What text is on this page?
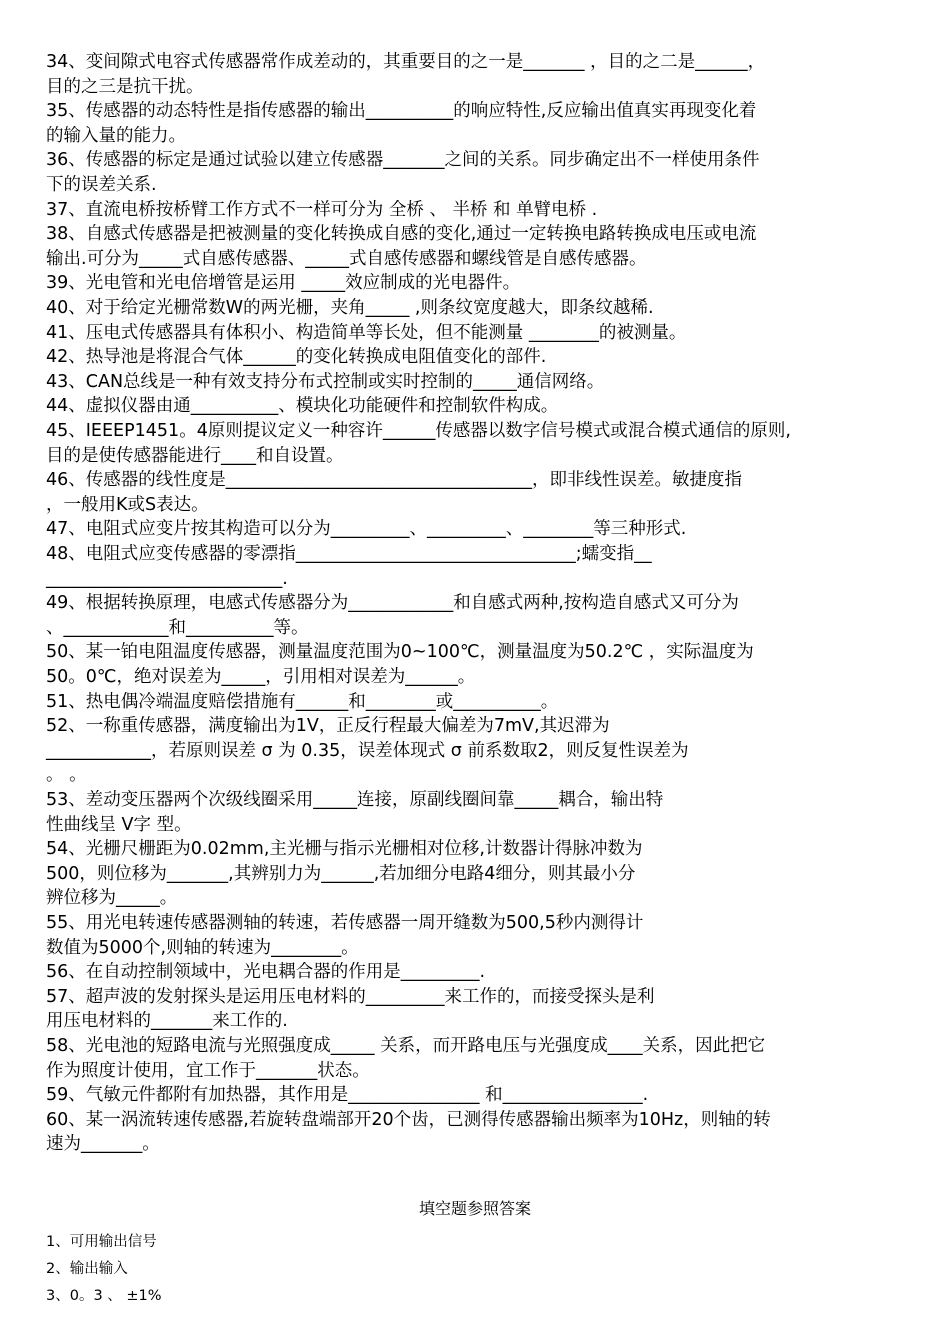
34、变间隙式电容式传感器常作成差动的，其重要目的之一是_______ ，目的之二是______，
目的之三是抗干扰。
35、传感器的动态特性是指传感器的输出__________的响应特性,反应输出值真实再现变化着
的输入量的能力。
36、传感器的标定是通过试验以建立传感器_______之间的关系。同步确定出不一样使用条件
下的误差关系.
37、直流电桥按桥臂工作方式不一样可分为 全桥 、 半桥 和 单臂电桥 .
38、自感式传感器是把被测量的变化转换成自感的变化,通过一定转换电路转换成电压或电流
输出.可分为_____式自感传感器、_____式自感传感器和螺线管是自感传感器。
39、光电管和光电倍增管是运用 _____效应制成的光电器件。
40、对于给定光栅常数W的两光栅，夹角_____ ,则条纹宽度越大，即条纹越稀.
41、压电式传感器具有体积小、构造简单等长处，但不能测量 ________的被测量。
42、热导池是将混合气体______的变化转换成电阻值变化的部件.
43、CAN总线是一种有效支持分布式控制或实时控制的_____通信网络。
44、虚拟仪器由通__________、模块化功能硬件和控制软件构成。
45、IEEEP1451。4原则提议定义一种容许______传感器以数字信号模式或混合模式通信的原则,
目的是使传感器能进行____和自设置。
46、传感器的线性度是___________________________________，即非线性误差。敏捷度指
，一般用K或S表达。
47、电阻式应变片按其构造可以分为_________、_________、________等三种形式.
48、电阻式应变传感器的零漂指________________________________;蠕变指__
___________________________.
49、根据转换原理，电感式传感器分为____________和自感式两种,按构造自感式又可分为
、____________和__________等。
50、某一铂电阻温度传感器，测量温度范围为0~100℃，测量温度为50.2℃ ，实际温度为
50。0℃，绝对误差为_____，引用相对误差为______。
51、热电偶冷端温度赔偿措施有______和________或__________。
52、一称重传感器，满度输出为1V，正反行程最大偏差为7mV,其迟滞为
____________，若原则误差 σ 为 0.35，误差体现式 σ 前系数取2，则反复性误差为
。 。
53、差动变压器两个次级线圈采用_____连接，原副线圈间靠_____耦合，输出特
性曲线呈 V字 型。
54、光栅尺栅距为0.02mm,主光栅与指示光栅相对位移,计数器计得脉冲数为
500，则位移为_______,其辨别力为______,若加细分电路4细分，则其最小分
辨位移为_____。
55、用光电转速传感器测轴的转速，若传感器一周开缝数为500,5秒内测得计
数值为5000个,则轴的转速为________。
56、在自动控制领域中，光电耦合器的作用是_________.
57、超声波的发射探头是运用压电材料的_________来工作的，而接受探头是利
用压电材料的_______来工作的.
58、光电池的短路电流与光照强度成_____ 关系，而开路电压与光强度成____关系，因此把它
作为照度计使用，宜工作于_______状态。
59、气敏元件都附有加热器，其作用是_______________ 和________________.
60、某一涡流转速传感器,若旋转盘端部开20个齿，已测得传感器输出频率为10Hz，则轴的转
速为_______。
填空题参照答案
1、可用输出信号
2、输出输入
3、0。3 、 ±1%
